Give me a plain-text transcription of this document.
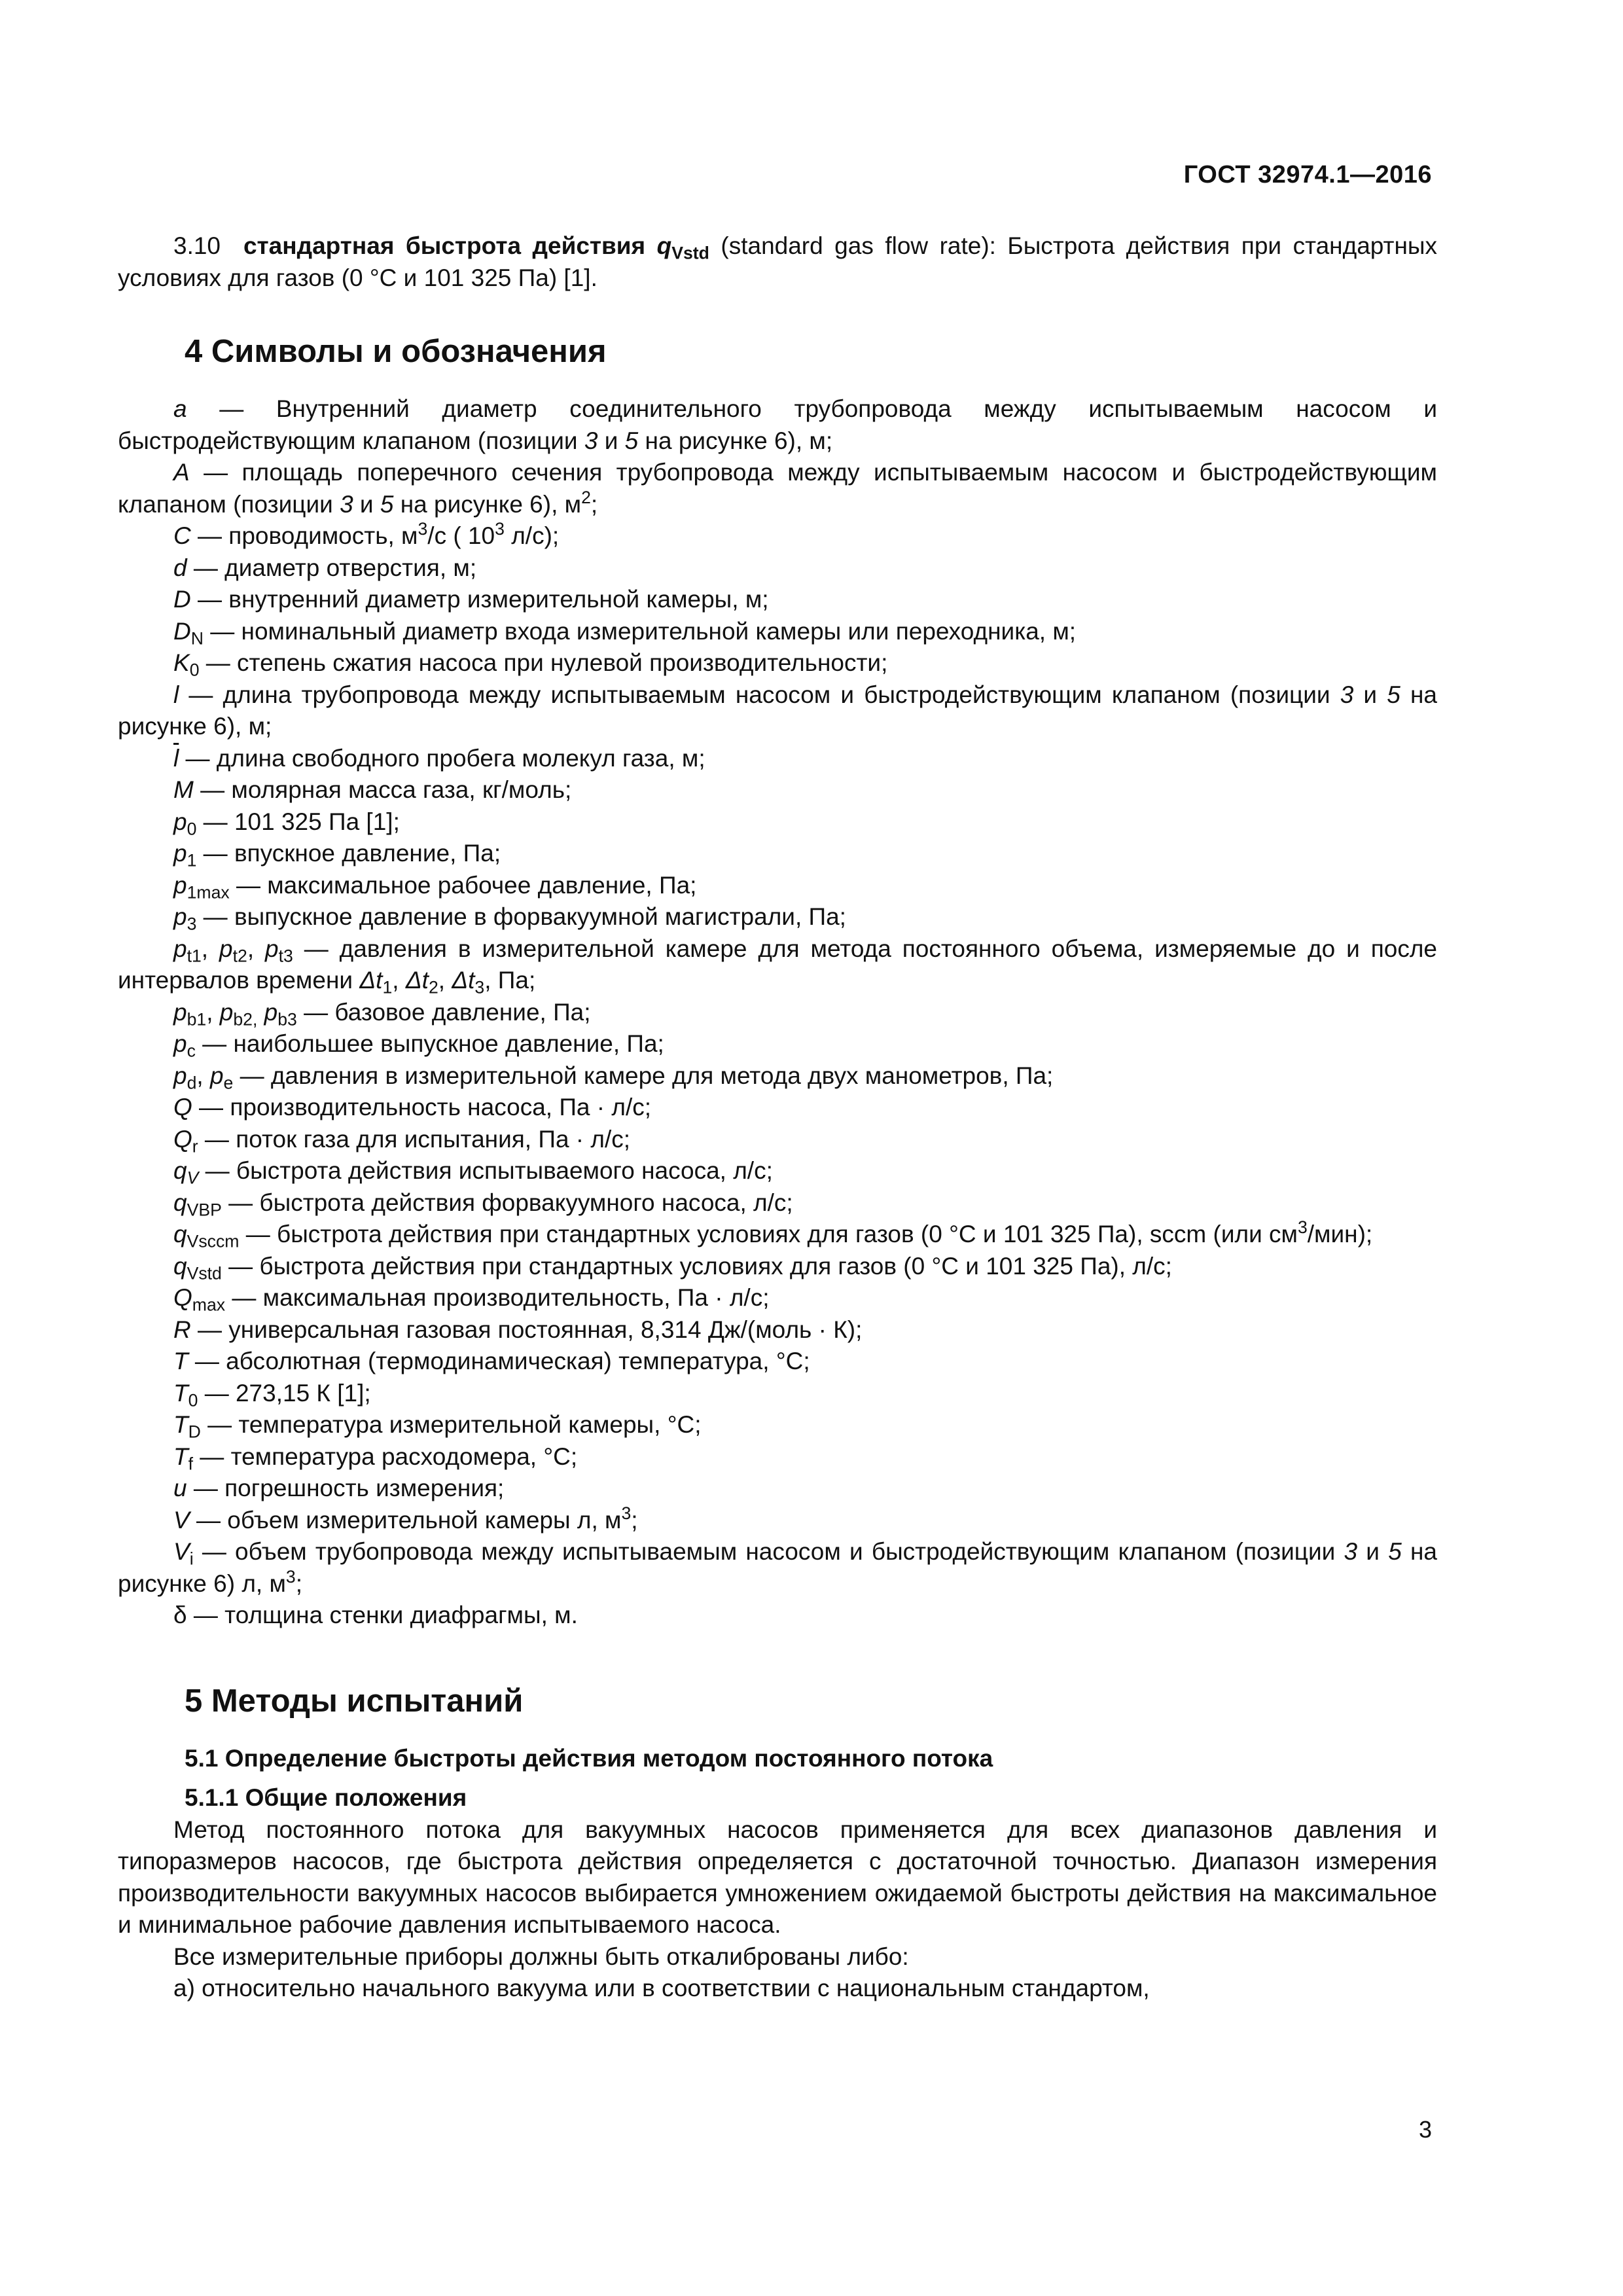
ГОСТ 32974.1—2016

3.10 стандартная быстрота действия $q_{Vstd}$ (standard gas flow rate): Быстрота действия при стандартных условиях для газов (0 °С и 101 325 Па) [1].

4 Символы и обозначения

a — Внутренний диаметр соединительного трубопровода между испытываемым насосом и быстродействующим клапаном (позиции 3 и 5 на рисунке 6), м;

A — площадь поперечного сечения трубопровода между испытываемым насосом и быстродействующим клапаном (позиции 3 и 5 на рисунке 6), $м^2$;

C — проводимость, $м^3/с$ ( $10^3$ л/с);

d — диаметр отверстия, м;

D — внутренний диаметр измерительной камеры, м;

$D_N$ — номинальный диаметр входа измерительной камеры или переходника, м;

$K_0$ — степень сжатия насоса при нулевой производительности;

l — длина трубопровода между испытываемым насосом и быстродействующим клапаном (позиции 3 и 5 на рисунке 6), м;

$\overline{l}$ — длина свободного пробега молекул газа, м;

M — молярная масса газа, кг/моль;

$p_0$ — 101 325 Па [1];

$p_1$ — впускное давление, Па;

$p_{1max}$ — максимальное рабочее давление, Па;

$p_3$ — выпускное давление в форвакуумной магистрали, Па;

$p_{t1}$, $p_{t2}$, $p_{t3}$ — давления в измерительной камере для метода постоянного объема, измеряемые до и после интервалов времени $\Delta t_1$, $\Delta t_2$, $\Delta t_3$, Па;

$p_{b1}$, $p_{b2,}$ $p_{b3}$ — базовое давление, Па;

$p_c$ — наибольшее выпускное давление, Па;

$p_d$, $p_e$ — давления в измерительной камере для метода двух манометров, Па;

Q — производительность насоса, Па · л/с;

$Q_r$ — поток газа для испытания, Па · л/с;

$q_V$ — быстрота действия испытываемого насоса, л/с;

$q_{VBP}$ — быстрота действия форвакуумного насоса, л/с;

$q_{Vsccm}$ — быстрота действия при стандартных условиях для газов (0 °С и 101 325 Па), sccm (или $см^3/мин$);

$q_{Vstd}$ — быстрота действия при стандартных условиях для газов (0 °С и 101 325 Па), л/с;

$Q_{max}$ — максимальная производительность, Па · л/с;

R — универсальная газовая постоянная, 8,314 Дж/(моль · К);

T — абсолютная (термодинамическая) температура, °С;

$T_0$ — 273,15 К [1];

$T_D$ — температура измерительной камеры, °С;

$T_f$ — температура расходомера, °С;

u — погрешность измерения;

V — объем измерительной камеры л, $м^3$;

$V_i$ — объем трубопровода между испытываемым насосом и быстродействующим клапаном (позиции 3 и 5 на рисунке 6) л, $м^3$;

δ — толщина стенки диафрагмы, м.

5 Методы испытаний
5.1 Определение быстроты действия методом постоянного потока
5.1.1 Общие положения

Метод постоянного потока для вакуумных насосов применяется для всех диапазонов давления и типоразмеров насосов, где быстрота действия определяется с достаточной точностью. Диапазон измерения производительности вакуумных насосов выбирается умножением ожидаемой быстроты действия на максимальное и минимальное рабочие давления испытываемого насоса.

Все измерительные приборы должны быть откалиброваны либо:

а) относительно начального вакуума или в соответствии с национальным стандартом,

3
